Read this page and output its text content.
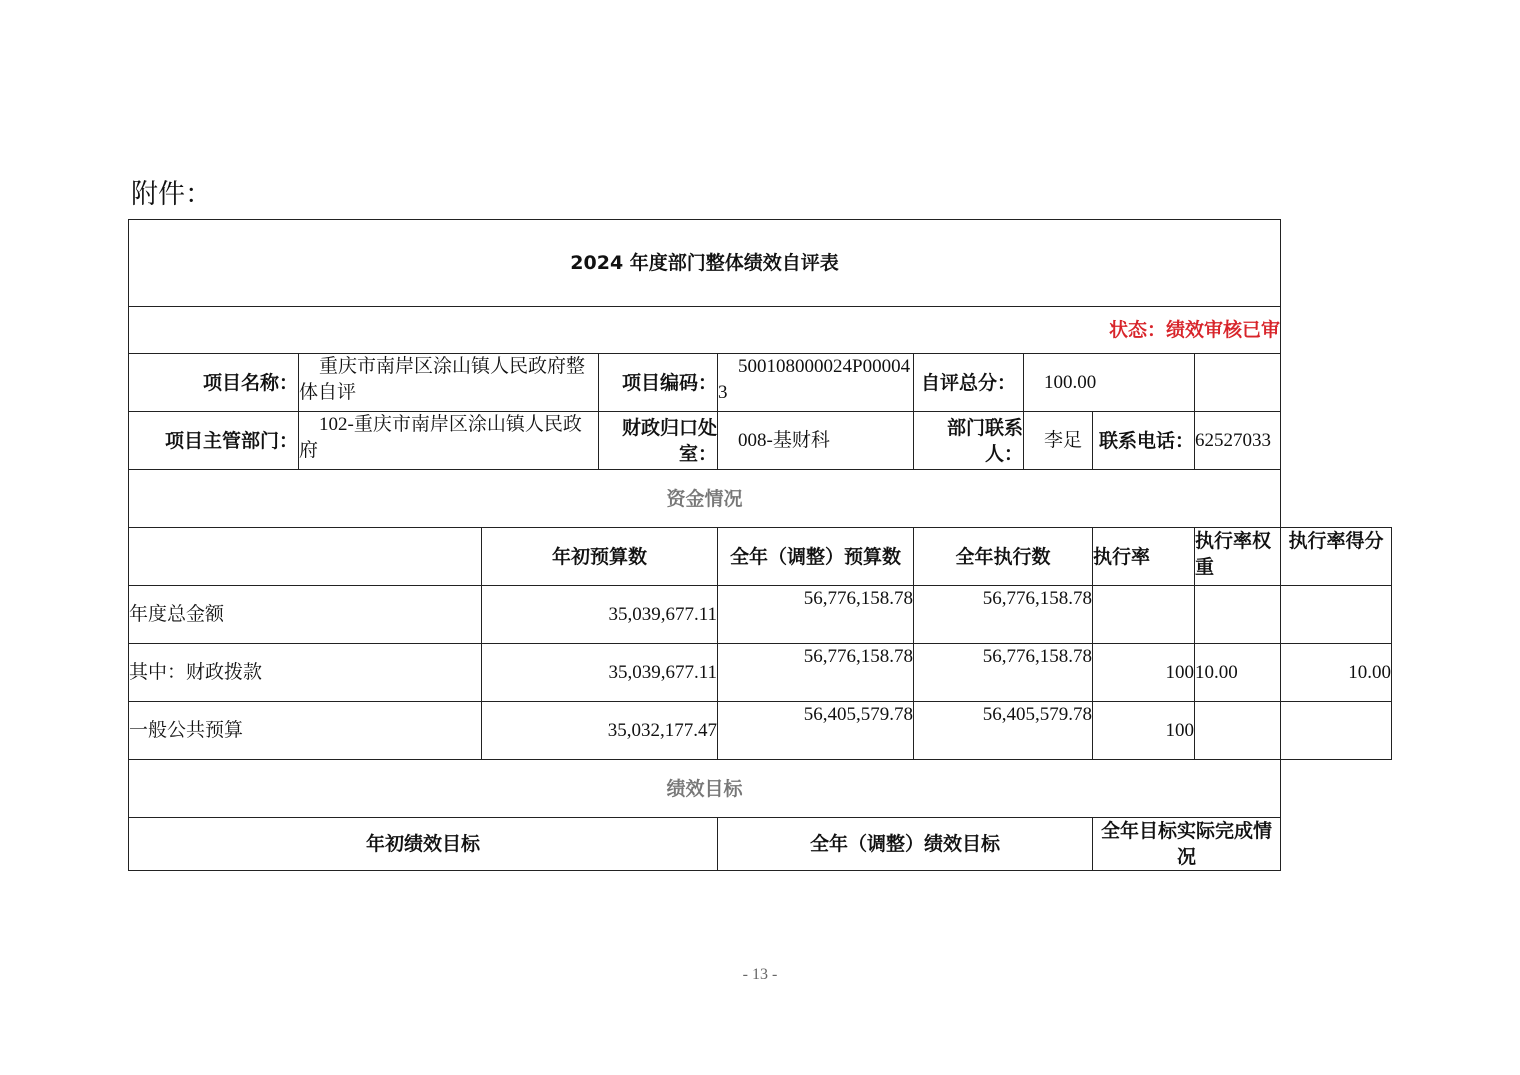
附件：
2024 年度部门整体绩效自评表									
状态：绩效审核已审									
项目名称：	重庆市南岸区涂山镇人民政府整体自评		项目编码：	500108000024P000043	自评总分：	100.00			
项目主管部门：	102-重庆市南岸区涂山镇人民政府		财政归口处室：	008-基财科	部门联系人：	李足	联系电话：	62527033	
资金情况									
		年初预算数		全年（调整）预算数	全年执行数		执行率	执行率权重	执行率得分
年度总金额		35,039,677.11		56,776,158.78	56,776,158.78				
其中：财政拨款		35,039,677.11		56,776,158.78	56,776,158.78		100	10.00	10.00
一般公共预算		35,032,177.47		56,405,579.78	56,405,579.78		100		
绩效目标									
年初绩效目标				全年（调整）绩效目标			全年目标实际完成情况		
- 13 -
